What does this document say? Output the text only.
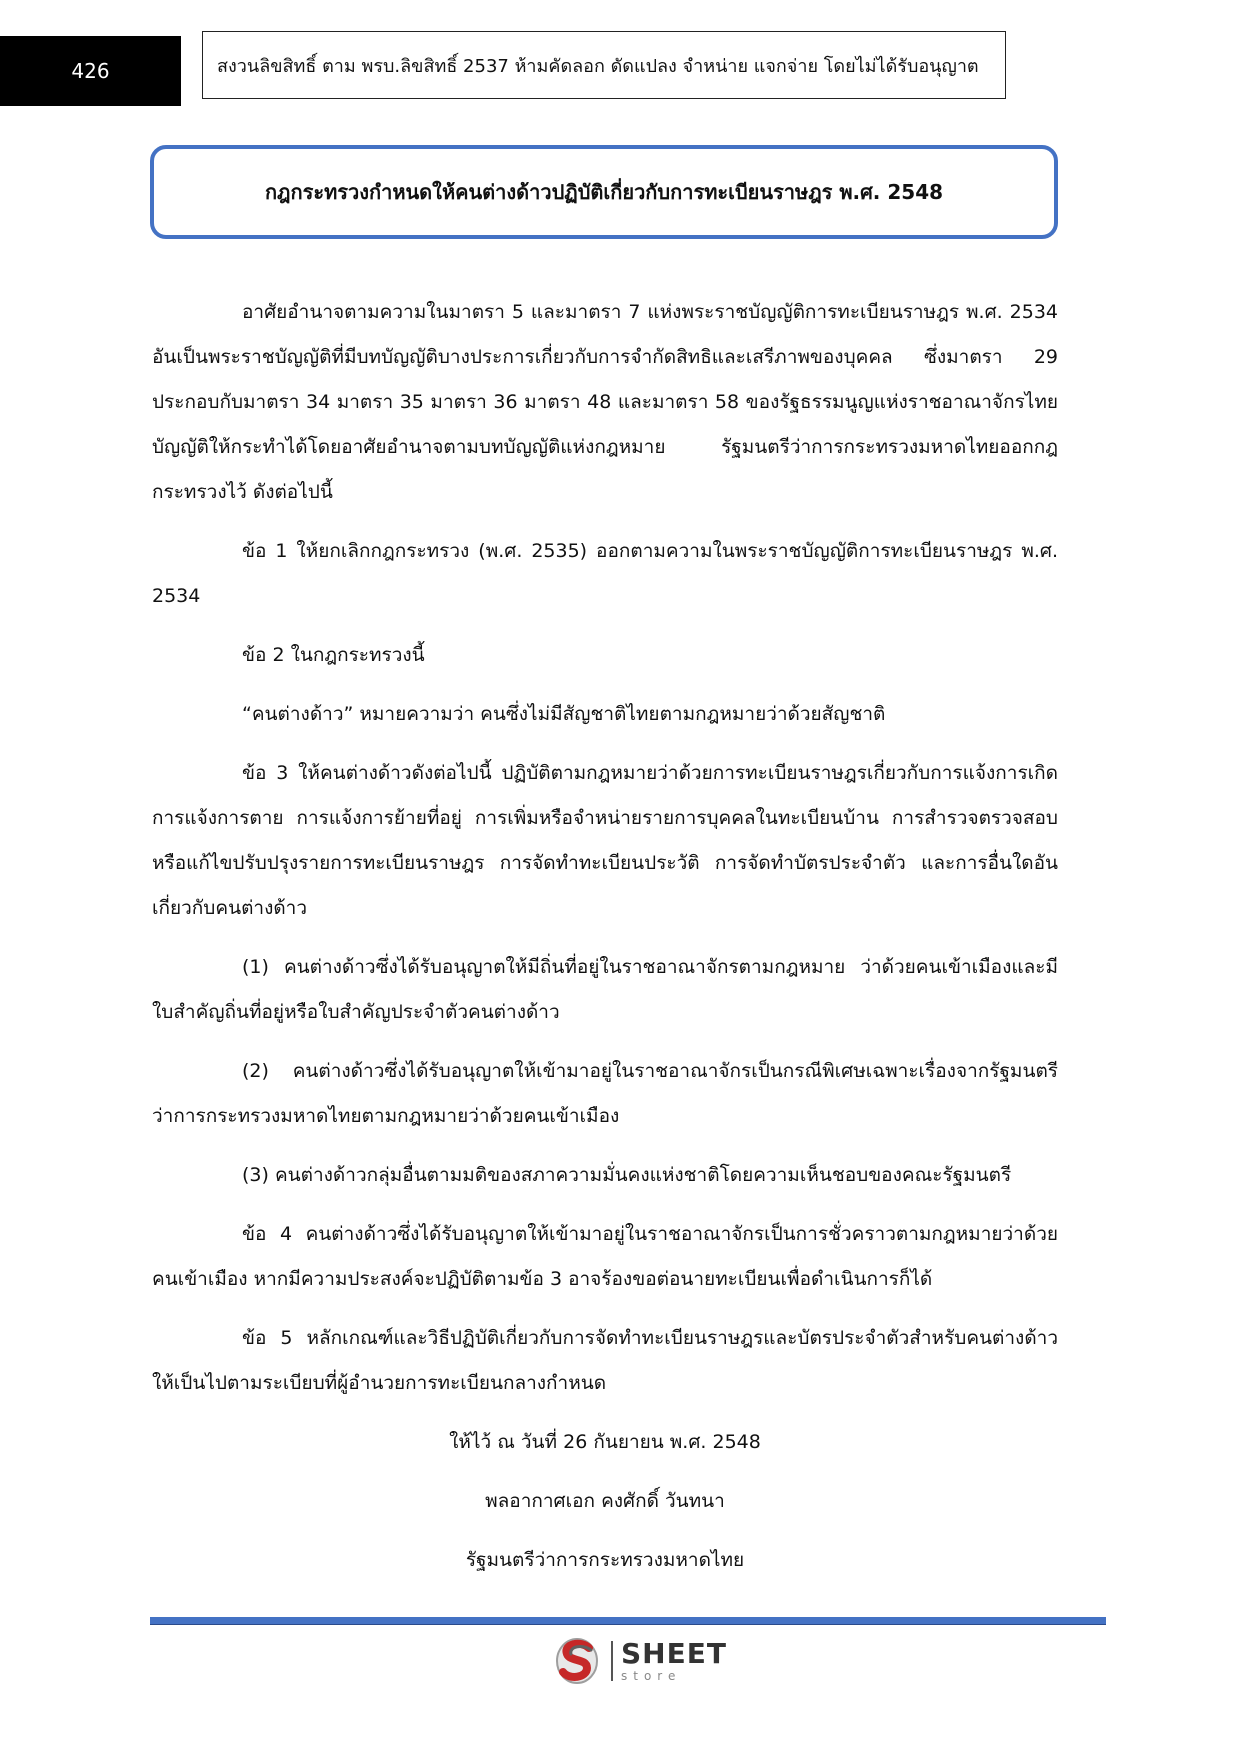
426	สงวนลิขสิทธิ์ ตาม พรบ.ลิขสิทธิ์ 2537 ห้ามคัดลอก ดัดแปลง จำหน่าย แจกจ่าย โดยไม่ได้รับอนุญาต
กฎกระทรวงกำหนดให้คนต่างด้าวปฏิบัติเกี่ยวกับการทะเบียนราษฎร พ.ศ. 2548

อาศัยอำนาจตามความในมาตรา 5 และมาตรา 7 แห่งพระราชบัญญัติการทะเบียนราษฎร พ.ศ. 2534 อันเป็นพระราชบัญญัติที่มีบทบัญญัติบางประการเกี่ยวกับการจำกัดสิทธิและเสรีภาพของบุคคล ซึ่งมาตรา 29 ประกอบกับมาตรา 34 มาตรา 35 มาตรา 36 มาตรา 48 และมาตรา 58 ของรัฐธรรมนูญแห่งราชอาณาจักรไทย บัญญัติให้กระทำได้โดยอาศัยอำนาจตามบทบัญญัติแห่งกฎหมาย รัฐมนตรีว่าการกระทรวงมหาดไทยออกกฎกระทรวงไว้ ดังต่อไปนี้

ข้อ 1 ให้ยกเลิกกฎกระทรวง (พ.ศ. 2535) ออกตามความในพระราชบัญญัติการทะเบียนราษฎร พ.ศ. 2534

ข้อ 2 ในกฎกระทรวงนี้

“คนต่างด้าว” หมายความว่า คนซึ่งไม่มีสัญชาติไทยตามกฎหมายว่าด้วยสัญชาติ

ข้อ 3 ให้คนต่างด้าวดังต่อไปนี้ ปฏิบัติตามกฎหมายว่าด้วยการทะเบียนราษฎรเกี่ยวกับการแจ้งการเกิด การแจ้งการตาย การแจ้งการย้ายที่อยู่ การเพิ่มหรือจำหน่ายรายการบุคคลในทะเบียนบ้าน การสำรวจตรวจสอบหรือแก้ไขปรับปรุงรายการทะเบียนราษฎร การจัดทำทะเบียนประวัติ การจัดทำบัตรประจำตัว และการอื่นใดอันเกี่ยวกับคนต่างด้าว

(1) คนต่างด้าวซึ่งได้รับอนุญาตให้มีถิ่นที่อยู่ในราชอาณาจักรตามกฎหมาย ว่าด้วยคนเข้าเมืองและมีใบสำคัญถิ่นที่อยู่หรือใบสำคัญประจำตัวคนต่างด้าว

(2) คนต่างด้าวซึ่งได้รับอนุญาตให้เข้ามาอยู่ในราชอาณาจักรเป็นกรณีพิเศษเฉพาะเรื่องจากรัฐมนตรีว่าการกระทรวงมหาดไทยตามกฎหมายว่าด้วยคนเข้าเมือง

(3) คนต่างด้าวกลุ่มอื่นตามมติของสภาความมั่นคงแห่งชาติโดยความเห็นชอบของคณะรัฐมนตรี

ข้อ 4 คนต่างด้าวซึ่งได้รับอนุญาตให้เข้ามาอยู่ในราชอาณาจักรเป็นการชั่วคราวตามกฎหมายว่าด้วยคนเข้าเมือง หากมีความประสงค์จะปฏิบัติตามข้อ 3 อาจร้องขอต่อนายทะเบียนเพื่อดำเนินการก็ได้

ข้อ 5 หลักเกณฑ์และวิธีปฏิบัติเกี่ยวกับการจัดทำทะเบียนราษฎรและบัตรประจำตัวสำหรับคนต่างด้าว ให้เป็นไปตามระเบียบที่ผู้อำนวยการทะเบียนกลางกำหนด

ให้ไว้ ณ วันที่ 26 กันยายน พ.ศ. 2548

พลอากาศเอก คงศักดิ์ วันทนา

รัฐมนตรีว่าการกระทรวงมหาดไทย

SHEET
store
